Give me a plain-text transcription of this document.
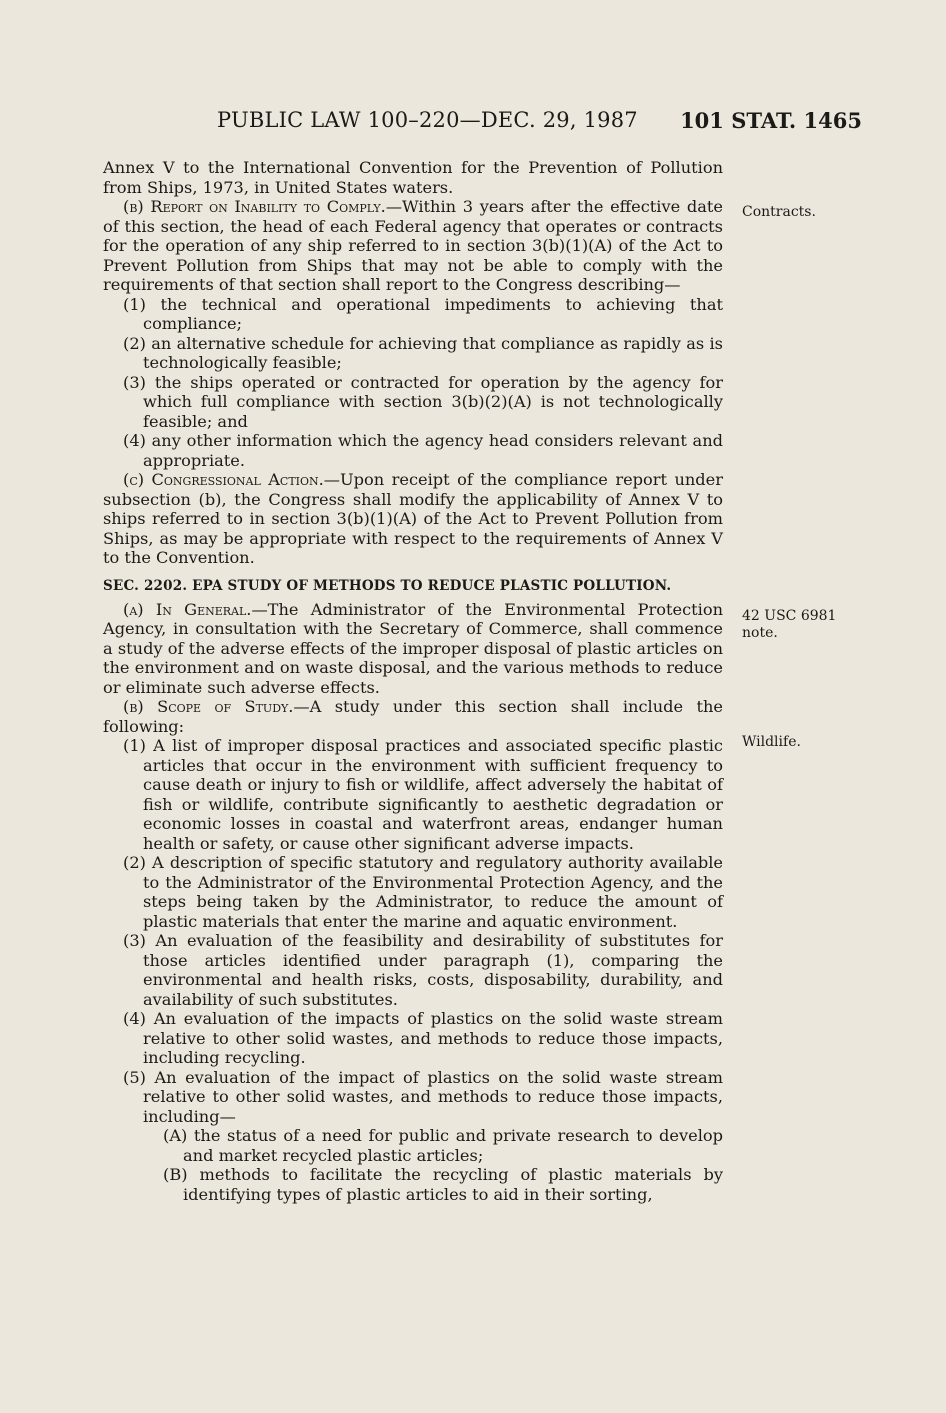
PUBLIC LAW 100–220—DEC. 29, 1987 101 STAT. 1465
Contracts.
42 USC 6981
note.
Wildlife.

Annex V to the International Convention for the Prevention of Pollution from Ships, 1973, in United States waters.

(b) Report on Inability to Comply.—Within 3 years after the effective date of this section, the head of each Federal agency that operates or contracts for the operation of any ship referred to in section 3(b)(1)(A) of the Act to Prevent Pollution from Ships that may not be able to comply with the requirements of that section shall report to the Congress describing—

(1) the technical and operational impediments to achieving that compliance;

(2) an alternative schedule for achieving that compliance as rapidly as is technologically feasible;

(3) the ships operated or contracted for operation by the agency for which full compliance with section 3(b)(2)(A) is not technologically feasible; and

(4) any other information which the agency head considers relevant and appropriate.

(c) Congressional Action.—Upon receipt of the compliance report under subsection (b), the Congress shall modify the applicability of Annex V to ships referred to in section 3(b)(1)(A) of the Act to Prevent Pollution from Ships, as may be appropriate with respect to the requirements of Annex V to the Convention.

SEC. 2202. EPA STUDY OF METHODS TO REDUCE PLASTIC POLLUTION.

(a) In General.—The Administrator of the Environmental Protection Agency, in consultation with the Secretary of Commerce, shall commence a study of the adverse effects of the improper disposal of plastic articles on the environment and on waste disposal, and the various methods to reduce or eliminate such adverse effects.

(b) Scope of Study.—A study under this section shall include the following:

(1) A list of improper disposal practices and associated specific plastic articles that occur in the environment with sufficient frequency to cause death or injury to fish or wildlife, affect adversely the habitat of fish or wildlife, contribute significantly to aesthetic degradation or economic losses in coastal and waterfront areas, endanger human health or safety, or cause other significant adverse impacts.

(2) A description of specific statutory and regulatory authority available to the Administrator of the Environmental Protection Agency, and the steps being taken by the Administrator, to reduce the amount of plastic materials that enter the marine and aquatic environment.

(3) An evaluation of the feasibility and desirability of substitutes for those articles identified under paragraph (1), comparing the environmental and health risks, costs, disposability, durability, and availability of such substitutes.

(4) An evaluation of the impacts of plastics on the solid waste stream relative to other solid wastes, and methods to reduce those impacts, including recycling.

(5) An evaluation of the impact of plastics on the solid waste stream relative to other solid wastes, and methods to reduce those impacts, including—

(A) the status of a need for public and private research to develop and market recycled plastic articles;

(B) methods to facilitate the recycling of plastic materials by identifying types of plastic articles to aid in their sorting,
